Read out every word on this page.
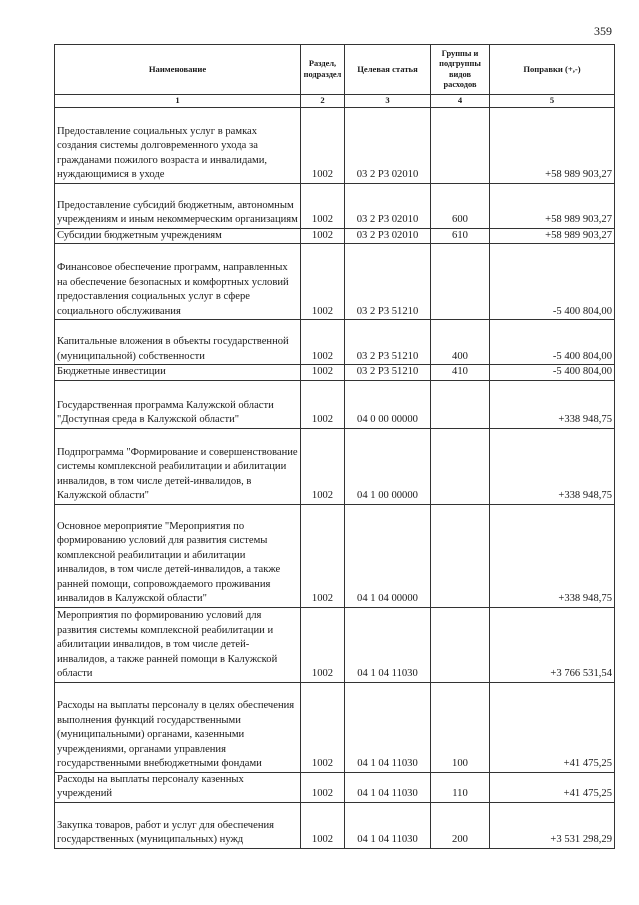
359
Наименование	Раздел, подраздел	Целевая статья	Группы и подгруппы видов расходов	Поправки (+,-)
1	2	3	4	5
Предоставление социальных услуг в рамках создания системы долговременного ухода за гражданами пожилого возраста и инвалидами, нуждающимися в уходе	1002	03 2 P3 02010		+58 989 903,27
Предоставление субсидий бюджетным, автономным учреждениям и иным некоммерческим организациям	1002	03 2 P3 02010	600	+58 989 903,27
Субсидии бюджетным учреждениям	1002	03 2 P3 02010	610	+58 989 903,27
Финансовое обеспечение программ, направленных на обеспечение безопасных и комфортных условий предоставления социальных услуг в сфере социального обслуживания	1002	03 2 P3 51210		-5 400 804,00
Капитальные вложения в объекты государственной (муниципальной) собственности	1002	03 2 P3 51210	400	-5 400 804,00
Бюджетные инвестиции	1002	03 2 P3 51210	410	-5 400 804,00
Государственная программа Калужской области "Доступная среда в Калужской области"	1002	04 0 00 00000		+338 948,75
Подпрограмма "Формирование и совершенствование системы комплексной реабилитации и абилитации инвалидов, в том числе детей-инвалидов, в Калужской области"	1002	04 1 00 00000		+338 948,75
Основное мероприятие "Мероприятия по формированию условий для развития системы комплексной реабилитации и абилитации инвалидов, в том числе детей-инвалидов, а также ранней помощи, сопровождаемого проживания инвалидов в Калужской области"	1002	04 1 04 00000		+338 948,75
Мероприятия по формированию условий для развития системы комплексной реабилитации и абилитации инвалидов, в том числе детей-инвалидов, а также ранней помощи в Калужской области	1002	04 1 04 11030		+3 766 531,54
Расходы на выплаты персоналу в целях обеспечения выполнения функций государственными (муниципальными) органами, казенными учреждениями, органами управления государственными внебюджетными фондами	1002	04 1 04 11030	100	+41 475,25
Расходы на выплаты персоналу казенных учреждений	1002	04 1 04 11030	110	+41 475,25
Закупка товаров, работ и услуг для обеспечения государственных (муниципальных) нужд	1002	04 1 04 11030	200	+3 531 298,29
